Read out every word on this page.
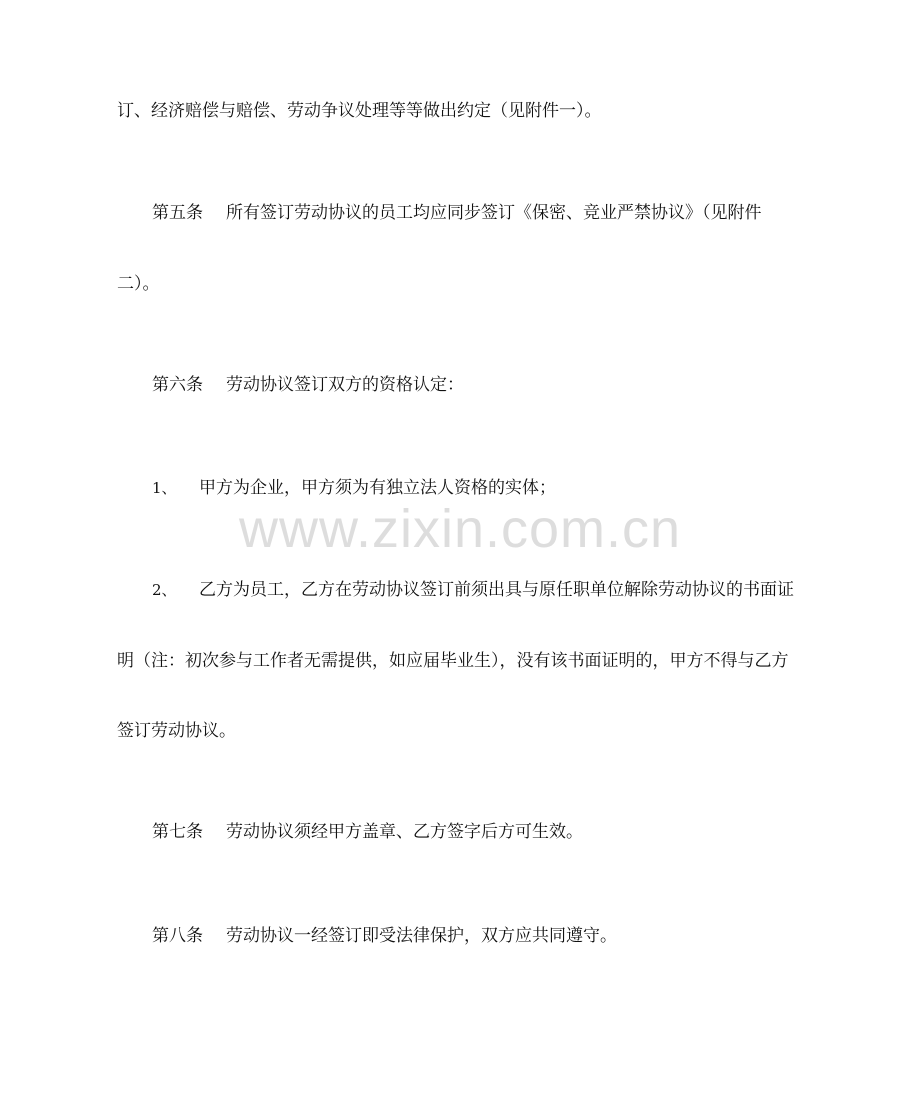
订、经济赔偿与赔偿、劳动争议处理等等做出约定（见附件一）。
第五条 所有签订劳动协议的员工均应同步签订《保密、竞业严禁协议》（见附件
二）。
第六条 劳动协议签订双方的资格认定：
1、 甲方为企业，甲方须为有独立法人资格的实体；
2、 乙方为员工，乙方在劳动协议签订前须出具与原任职单位解除劳动协议的书面证
明（注：初次参与工作者无需提供，如应届毕业生），没有该书面证明的，甲方不得与乙方
签订劳动协议。
第七条 劳动协议须经甲方盖章、乙方签字后方可生效。
第八条 劳动协议一经签订即受法律保护，双方应共同遵守。
www.zixin.com.cn
